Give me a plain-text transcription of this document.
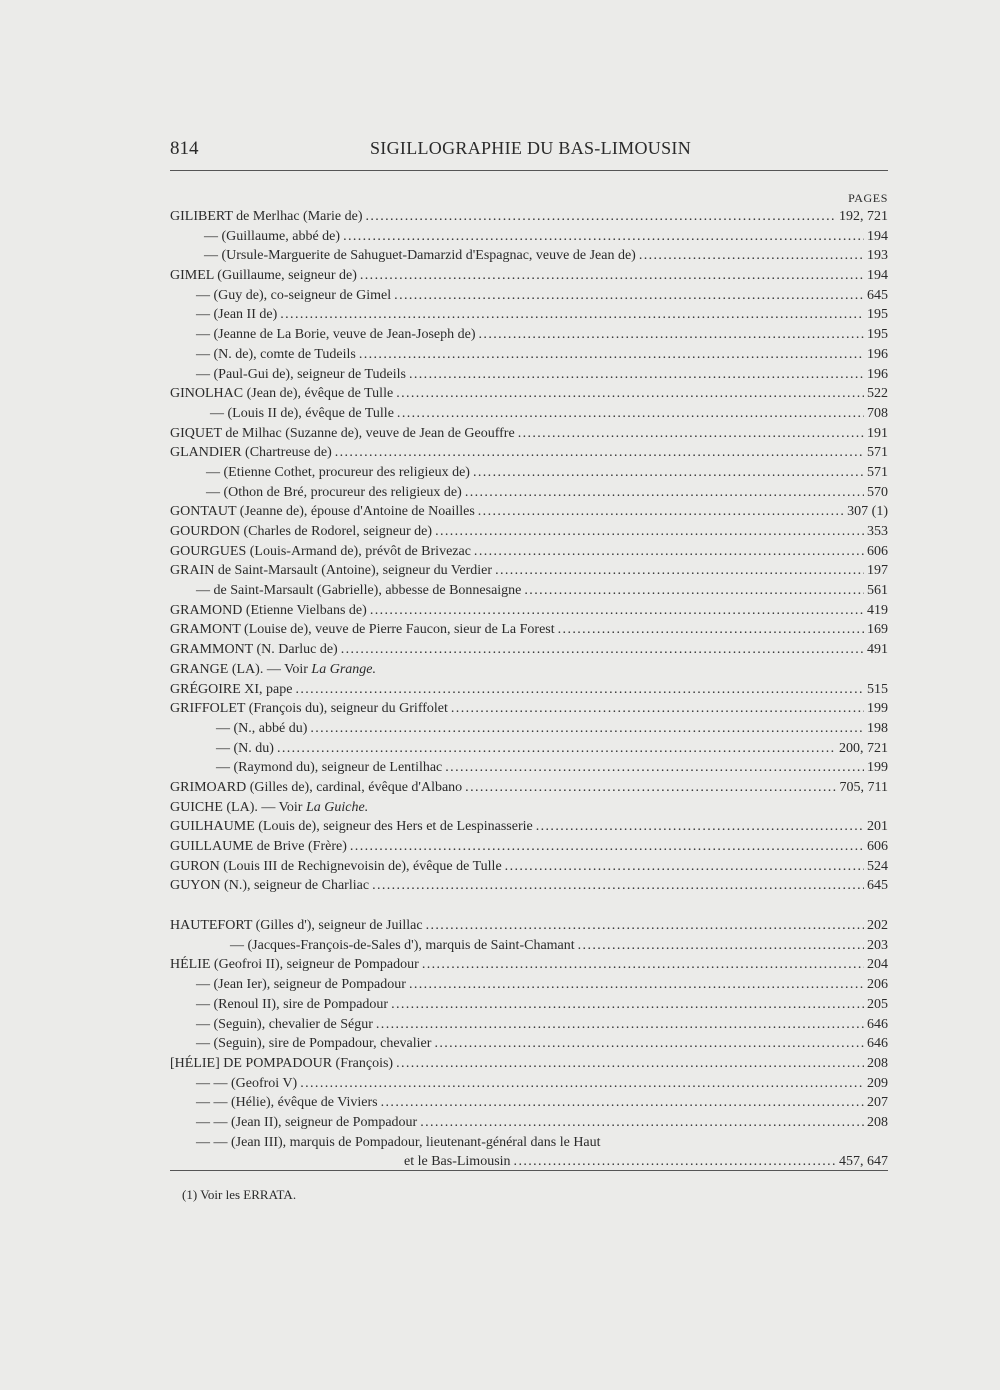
814	SIGILLOGRAPHIE DU BAS-LIMOUSIN
PAGES
GILIBERT de Merlhac (Marie de) .....	192, 721
— (Guillaume, abbé de) .....	194
— (Ursule-Marguerite de Sahuguet-Damarzid d'Espagnac, veuve de Jean de) .....	193
GIMEL (Guillaume, seigneur de) .....	194
— (Guy de), co-seigneur de Gimel .....	645
— (Jean II de) .....	195
— (Jeanne de La Borie, veuve de Jean-Joseph de) .....	195
— (N. de), comte de Tudeils .....	196
— (Paul-Gui de), seigneur de Tudeils .....	196
GINOLHAC (Jean de), évêque de Tulle .....	522
— (Louis II de), évêque de Tulle .....	708
GIQUET de Milhac (Suzanne de), veuve de Jean de Geouffre .....	191
GLANDIER (Chartreuse de) .....	571
— (Etienne Cothet, procureur des religieux de) .....	571
— (Othon de Bré, procureur des religieux de) .....	570
GONTAUT (Jeanne de), épouse d'Antoine de Noailles .....	307 (1)
GOURDON (Charles de Rodorel, seigneur de) .....	353
GOURGUES (Louis-Armand de), prévôt de Brivezac .....	606
GRAIN de Saint-Marsault (Antoine), seigneur du Verdier .....	197
— de Saint-Marsault (Gabrielle), abbesse de Bonnesaigne .....	561
GRAMOND (Etienne Vielbans de) .....	419
GRAMONT (Louise de), veuve de Pierre Faucon, sieur de La Forest .....	169
GRAMMONT (N. Darluc de) .....	491
GRANGE (LA). — Voir La Grange.
GRÉGOIRE XI, pape .....	515
GRIFFOLET (François du), seigneur du Griffolet .....	199
— (N., abbé du) .....	198
— (N. du) .....	200, 721
— (Raymond du), seigneur de Lentilhac .....	199
GRIMOARD (Gilles de), cardinal, évêque d'Albano .....	705, 711
GUICHE (LA). — Voir La Guiche.
GUILHAUME (Louis de), seigneur des Hers et de Lespinasserie .....	201
GUILLAUME de Brive (Frère) .....	606
GURON (Louis III de Rechignevoisin de), évêque de Tulle .....	524
GUYON (N.), seigneur de Charliac .....	645
HAUTEFORT (Gilles d'), seigneur de Juillac .....	202
— (Jacques-François-de-Sales d'), marquis de Saint-Chamant .....	203
HÉLIE (Geofroi II), seigneur de Pompadour .....	204
— (Jean Ier), seigneur de Pompadour .....	206
— (Renoul II), sire de Pompadour .....	205
— (Seguin), chevalier de Ségur .....	646
— (Seguin), sire de Pompadour, chevalier .....	646
[HÉLIE] DE POMPADOUR (François) .....	208
— — (Geofroi V) .....	209
— — (Hélie), évêque de Viviers .....	207
— — (Jean II), seigneur de Pompadour .....	208
— — (Jean III), marquis de Pompadour, lieutenant-général dans le Haut
et le Bas-Limousin .....	457, 647
(1) Voir les ERRATA.
